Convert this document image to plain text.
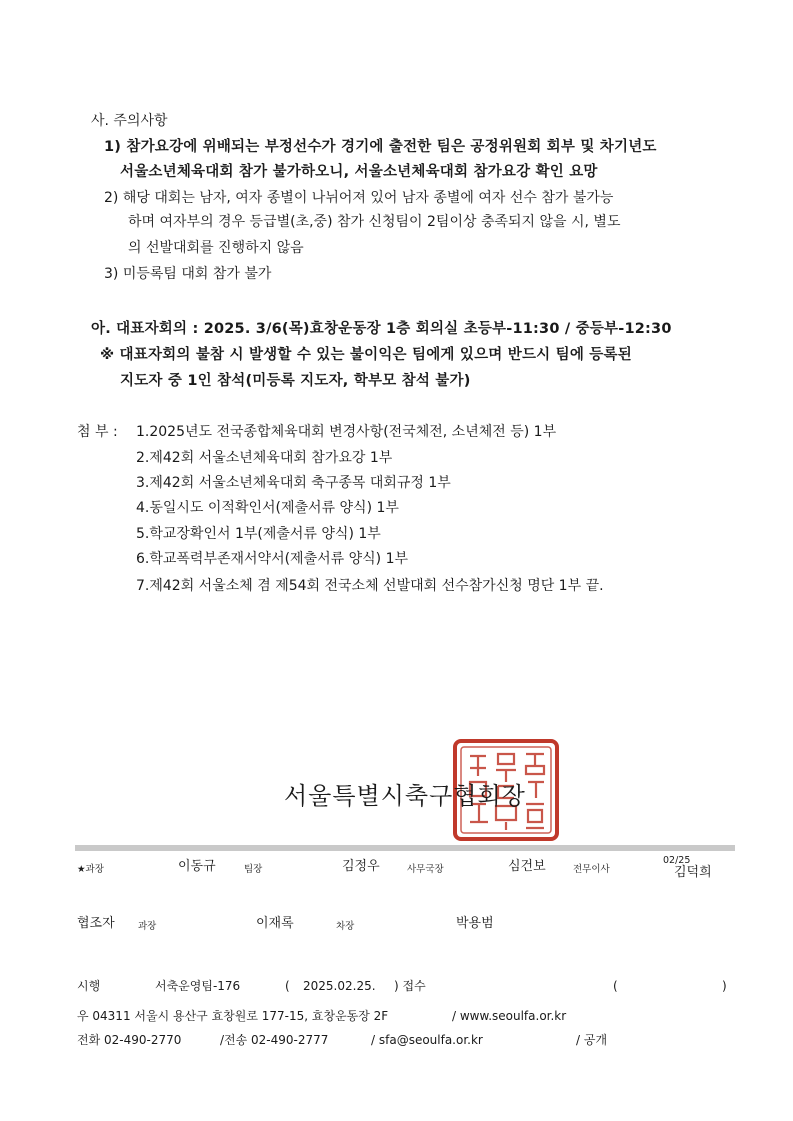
사. 주의사항
1) 참가요강에 위배되는 부정선수가 경기에 출전한 팀은 공정위원회 회부 및 차기년도
서울소년체육대회 참가 불가하오니, 서울소년체육대회 참가요강 확인 요망
2) 해당 대회는 남자, 여자 종별이 나뉘어져 있어 남자 종별에 여자 선수 참가 불가능
하며 여자부의 경우 등급별(초,중) 참가 신청팀이 2팀이상 충족되지 않을 시, 별도
의 선발대회를 진행하지 않음
3) 미등록팀 대회 참가 불가
아. 대표자회의 : 2025. 3/6(목)효창운동장 1층 회의실 초등부-11:30 / 중등부-12:30
※ 대표자회의 불참 시 발생할 수 있는 불이익은 팀에게 있으며 반드시 팀에 등록된
지도자 중 1인 참석(미등록 지도자, 학부모 참석 불가)
첨 부 : 1.2025년도 전국종합체육대회 변경사항(전국체전, 소년체전 등) 1부
2.제42회 서울소년체육대회 참가요강 1부
3.제42회 서울소년체육대회 축구종목 대회규정 1부
4.동일시도 이적확인서(제출서류 양식) 1부
5.학교장확인서 1부(제출서류 양식) 1부
6.학교폭력부존재서약서(제출서류 양식) 1부
7.제42회 서울소체 겸 제54회 전국소체 선발대회 선수참가신청 명단 1부 끝.
서울특별시축구협회장
★과장	이동규	팀장	김정우	사무국장	심건보	전무이사
02/25
김덕희
협조자 과장	이재록	차장	박용범
시행	서축운영팀-176	( 2025.02.25. ) 접수	(	)
우 04311 서울시 용산구 효창원로 177-15, 효창운동장 2F	/ www.seoulfa.or.kr
전화 02-490-2770	/전송 02-490-2777	/ sfa@seoulfa.or.kr	/ 공개
